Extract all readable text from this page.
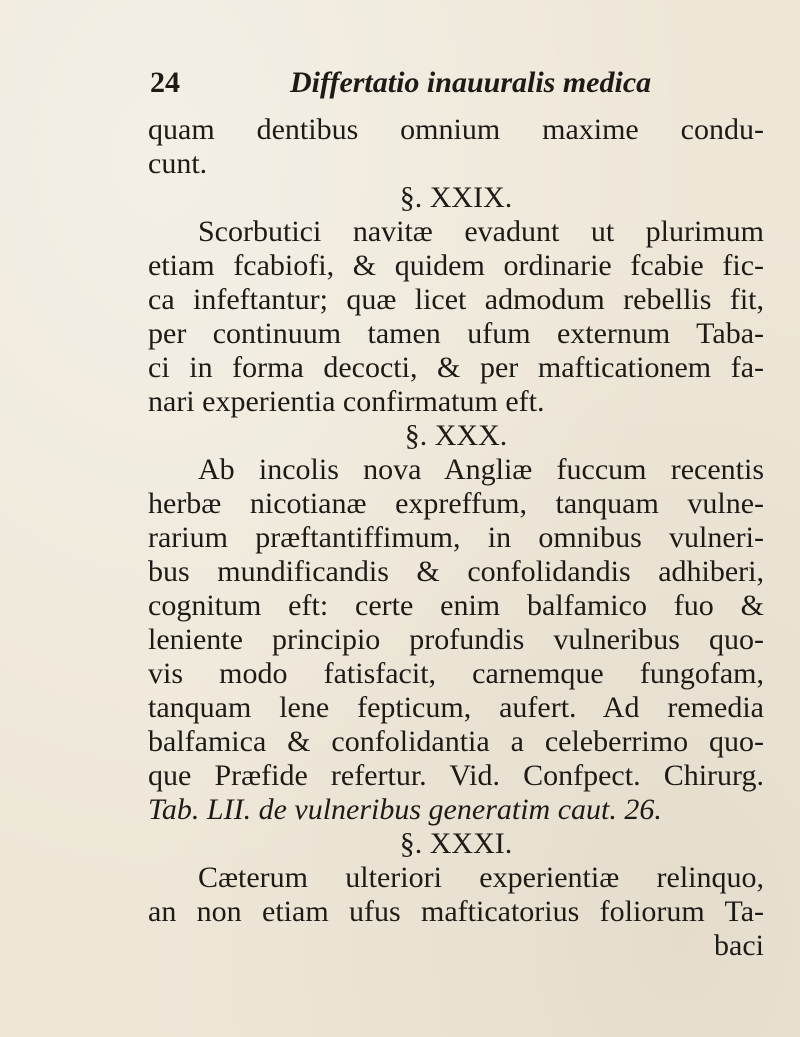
24	Differtatio inauuralis medica
quam dentibus omnium maxime condu-
cunt.
§. XXIX.
Scorbutici navitæ evadunt ut plurimum
etiam fcabiofi, & quidem ordinarie fcabie fic-
ca infeftantur; quæ licet admodum rebellis fit,
per continuum tamen ufum externum Taba-
ci in forma decocti, & per mafticationem fa-
nari experientia confirmatum eft.
§. XXX.
Ab incolis nova Angliæ fuccum recentis
herbæ nicotianæ expreffum, tanquam vulne-
rarium præftantiffimum, in omnibus vulneri-
bus mundificandis & confolidandis adhiberi,
cognitum eft: certe enim balfamico fuo &
leniente principio profundis vulneribus quo-
vis modo fatisfacit, carnemque fungofam,
tanquam lene fepticum, aufert. Ad remedia
balfamica & confolidantia a celeberrimo quo-
que Præfide refertur. Vid. Confpect. Chirurg.
Tab. LII. de vulneribus generatim caut. 26.
§. XXXI.
Cæterum ulteriori experientiæ relinquo,
an non etiam ufus mafticatorius foliorum Ta-
baci
